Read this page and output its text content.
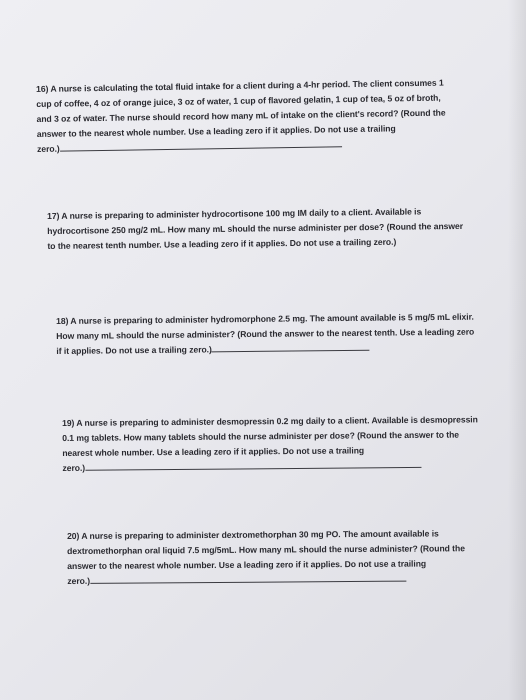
16) A nurse is calculating the total fluid intake for a client during a 4-hr period. The client consumes 1

cup of coffee, 4 oz of orange juice, 3 oz of water, 1 cup of flavored gelatin, 1 cup of tea, 5 oz of broth,

and 3 oz of water. The nurse should record how many mL of intake on the client's record? (Round the

answer to the nearest whole number. Use a leading zero if it applies. Do not use a trailing

zero.)

17) A nurse is preparing to administer hydrocortisone 100 mg IM daily to a client. Available is

hydrocortisone 250 mg/2 mL. How many mL should the nurse administer per dose? (Round the answer

to the nearest tenth number. Use a leading zero if it applies. Do not use a trailing zero.)

18) A nurse is preparing to administer hydromorphone 2.5 mg. The amount available is 5 mg/5 mL elixir.

How many mL should the nurse administer? (Round the answer to the nearest tenth. Use a leading zero

if it applies. Do not use a trailing zero.)

19) A nurse is preparing to administer desmopressin 0.2 mg daily to a client. Available is desmopressin

0.1 mg tablets. How many tablets should the nurse administer per dose? (Round the answer to the

nearest whole number. Use a leading zero if it applies. Do not use a trailing

zero.)

20) A nurse is preparing to administer dextromethorphan 30 mg PO. The amount available is

dextromethorphan oral liquid 7.5 mg/5mL. How many mL should the nurse administer? (Round the

answer to the nearest whole number. Use a leading zero if it applies. Do not use a trailing

zero.)
